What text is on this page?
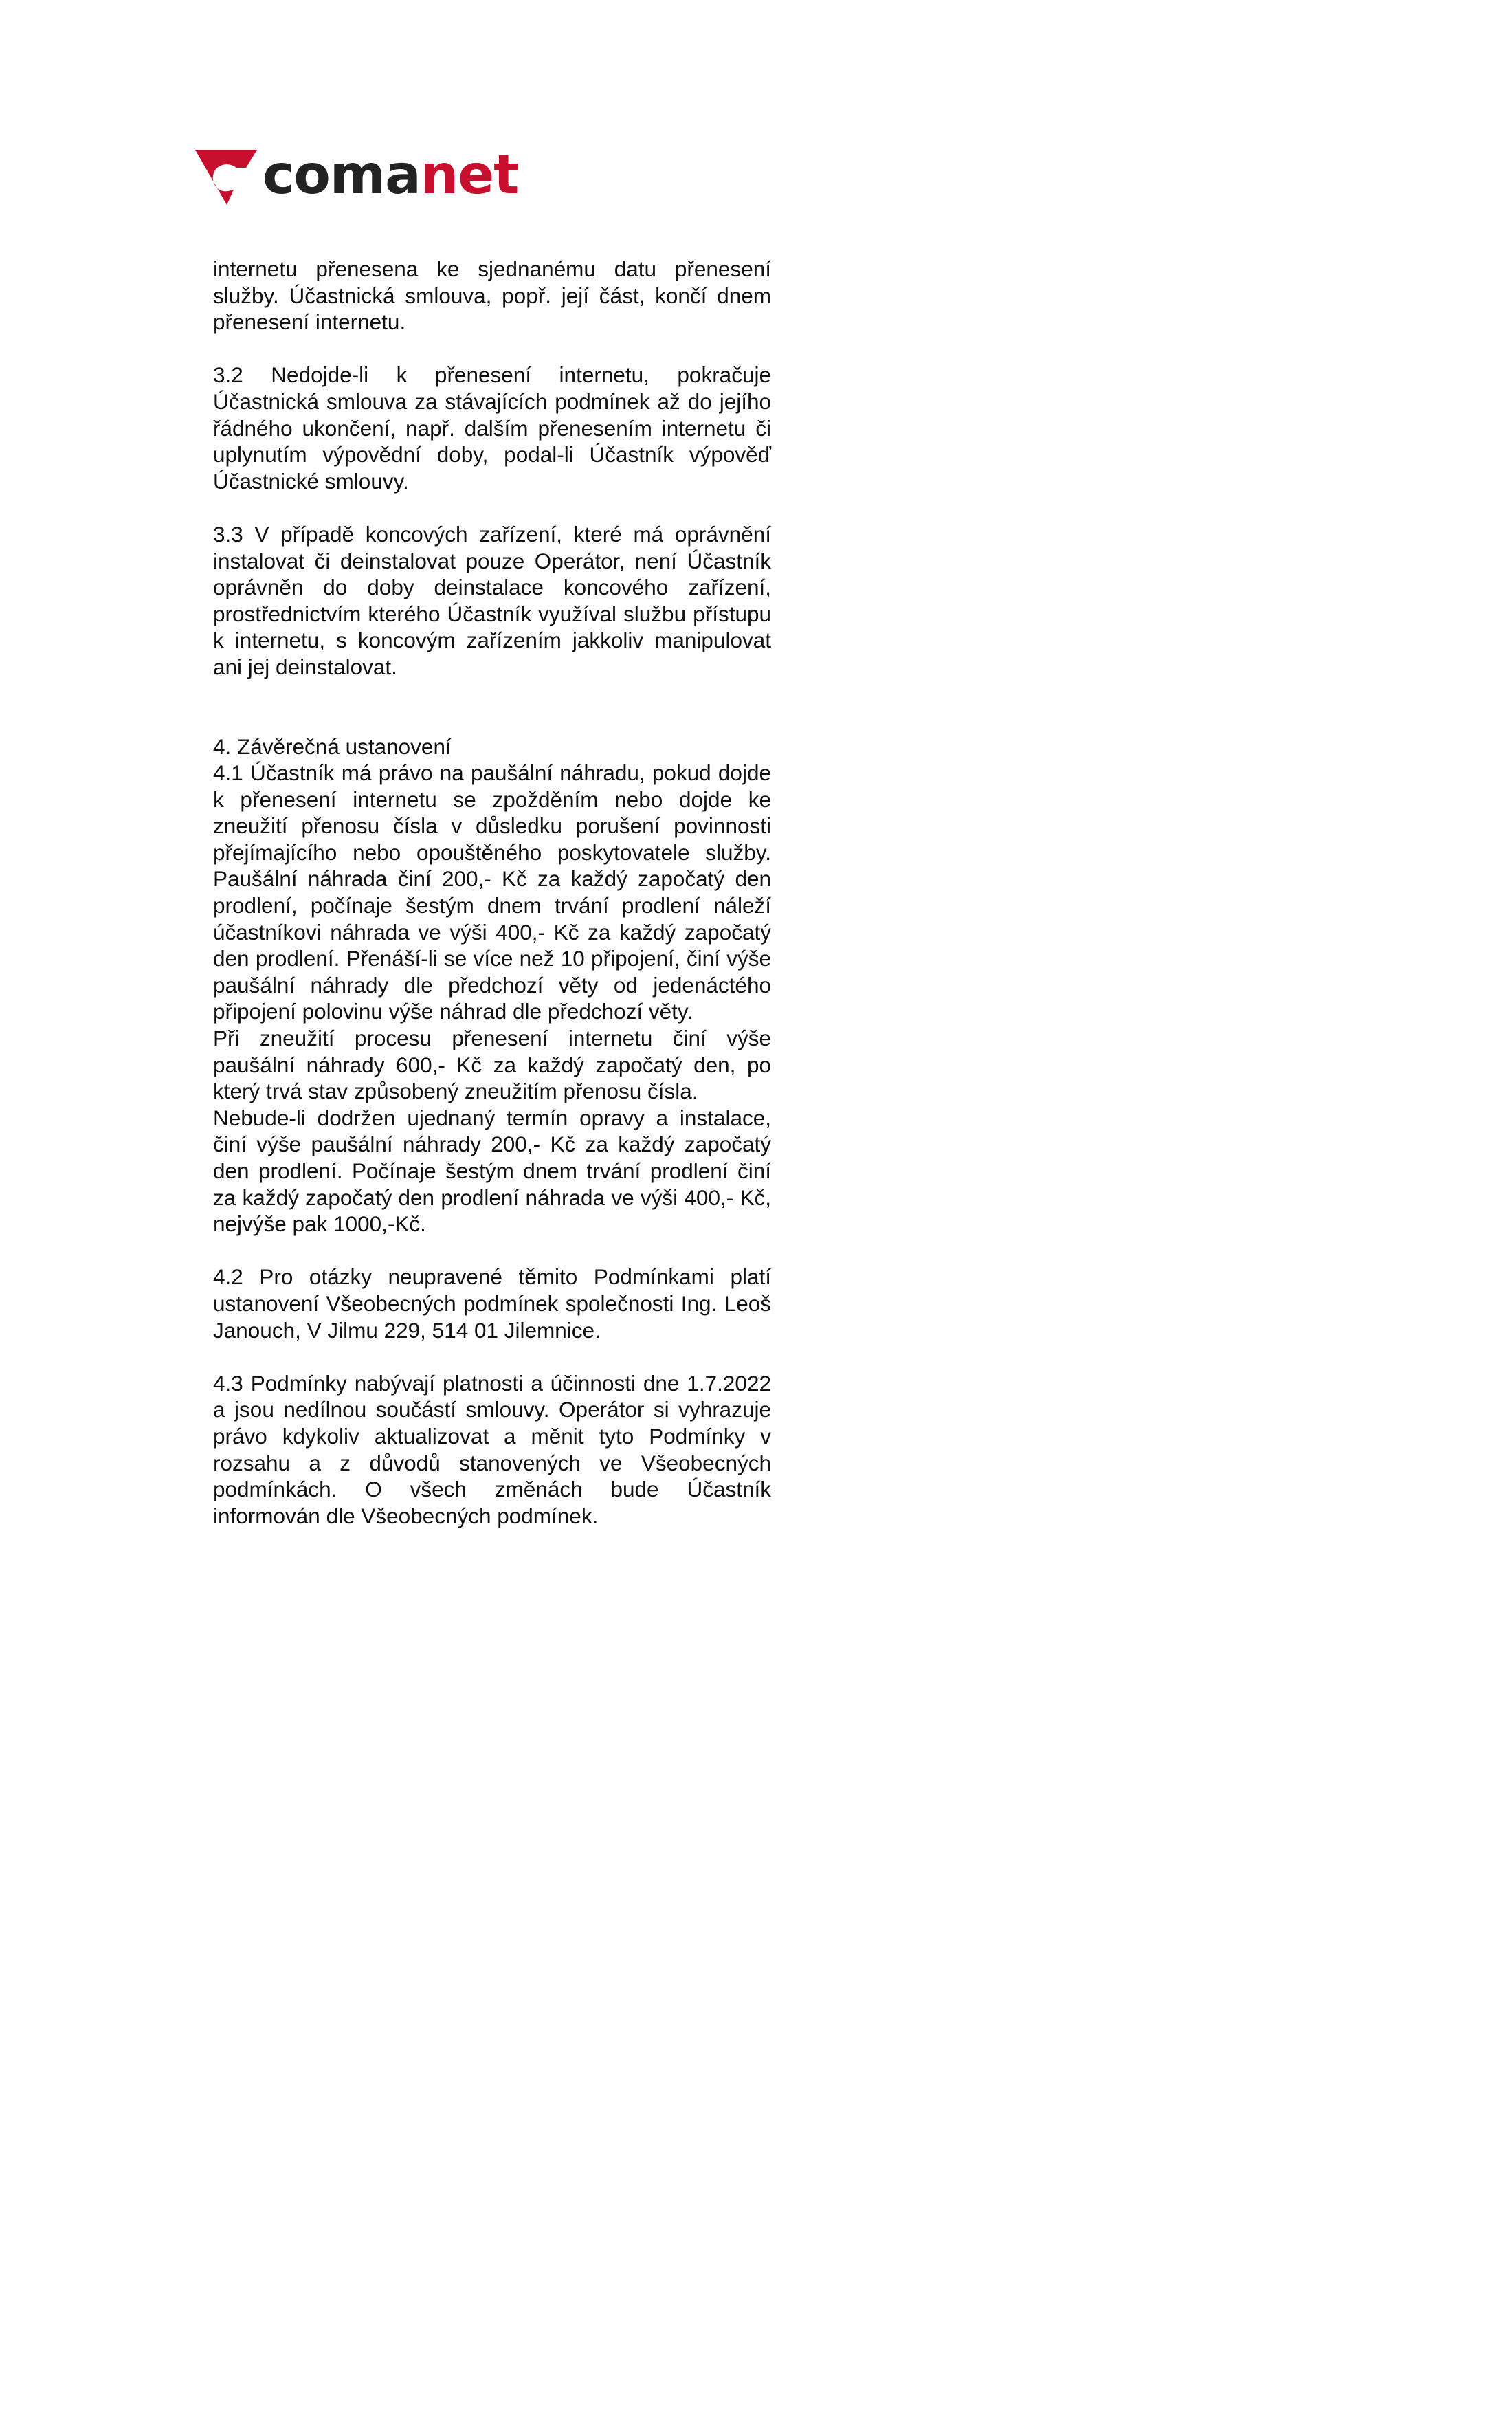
comanet

internetu přenesena ke sjednanému datu přenesení služby. Účastnická smlouva, popř. její část, končí dnem přenesení internetu.

3.2 Nedojde-li k přenesení internetu, pokračuje Účastnická smlouva za stávajících podmínek až do jejího řádného ukončení, např. dalším přenesením internetu či uplynutím výpovědní doby, podal-li Účastník výpověď Účastnické smlouvy.

3.3 V případě koncových zařízení, které má oprávnění instalovat či deinstalovat pouze Operátor, není Účastník oprávněn do doby deinstalace koncového zařízení, prostřednictvím kterého Účastník využíval službu přístupu k internetu, s koncovým zařízením jakkoliv manipulovat ani jej deinstalovat.

4. Závěrečná ustanovení

4.1 Účastník má právo na paušální náhradu, pokud dojde k přenesení internetu se zpožděním nebo dojde ke zneužití přenosu čísla v důsledku porušení povinnosti přejímajícího nebo opouštěného poskytovatele služby. Paušální náhrada činí 200,- Kč za každý započatý den prodlení, počínaje šestým dnem trvání prodlení náleží účastníkovi náhrada ve výši 400,- Kč za každý započatý den prodlení. Přenáší-li se více než 10 připojení, činí výše paušální náhrady dle předchozí věty od jedenáctého připojení polovinu výše náhrad dle předchozí věty.

Při zneužití procesu přenesení internetu činí výše paušální náhrady 600,- Kč za každý započatý den, po který trvá stav způsobený zneužitím přenosu čísla.

Nebude-li dodržen ujednaný termín opravy a instalace, činí výše paušální náhrady 200,- Kč za každý započatý den prodlení. Počínaje šestým dnem trvání prodlení činí za každý započatý den prodlení náhrada ve výši 400,- Kč, nejvýše pak 1000,-Kč.

4.2 Pro otázky neupravené těmito Podmínkami platí ustanovení Všeobecných podmínek společnosti Ing. Leoš Janouch, V Jilmu 229, 514 01 Jilemnice.

4.3 Podmínky nabývají platnosti a účinnosti dne 1.7.2022 a jsou nedílnou součástí smlouvy. Operátor si vyhrazuje právo kdykoliv aktualizovat a měnit tyto Podmínky v rozsahu a z důvodů stanovených ve Všeobecných podmínkách. O všech změnách bude Účastník informován dle Všeobecných podmínek.
